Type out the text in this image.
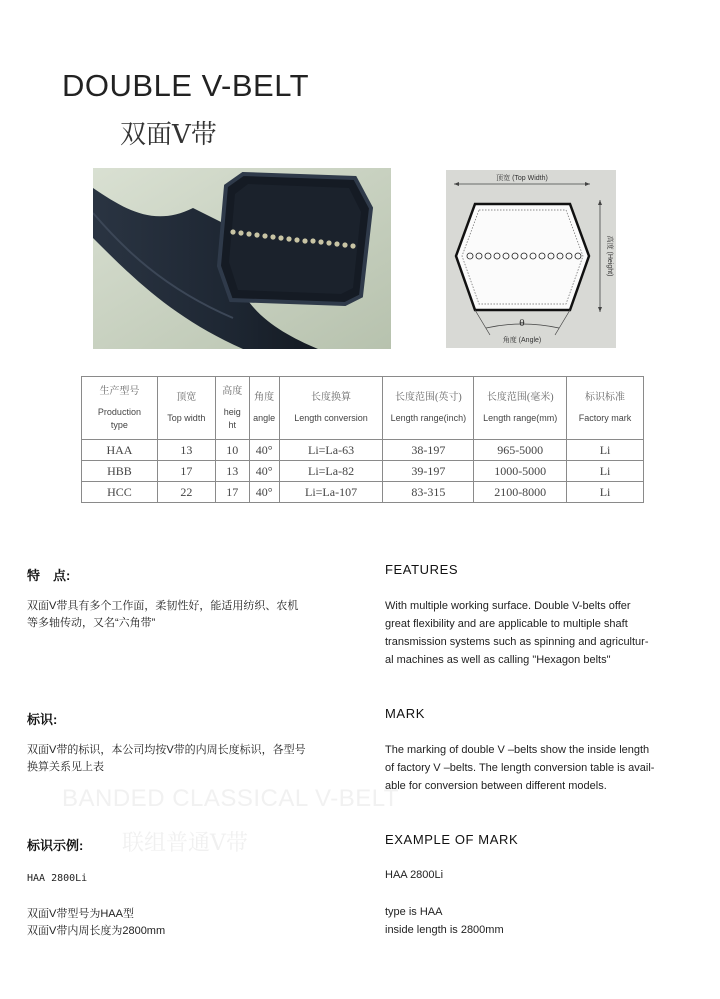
DOUBLE V-BELT
双面V带
顶宽 (Top Width)
高度 (Height)
θ
角度 (Angle)
生产型号
Production
type	顶宽
Top width	高度
heig
ht	角度
angle	长度换算
Length conversion	长度范围(英寸)
Length range(inch)	长度范围(毫米)
Length range(mm)	标识标准
Factory mark

HAA	13	10	40°	Li=La-63	38-197	965-5000	Li
HBB	17	13	40°	Li=La-82	39-197	1000-5000	Li
HCC	22	17	40°	Li=La-107	83-315	2100-8000	Li
BANDED CLASSICAL V-BELT
联组普通V带
特　点:
双面V带具有多个工作面，柔韧性好，能适用纺织、农机
等多轴传动，又名“六角带”
FEATURES
With multiple working surface. Double V-belts offer
great flexibility and are applicable to multiple shaft
transmission systems such as spinning and agricultur-
al machines as well as calling "Hexagon belts"
标识:
双面V带的标识，本公司均按V带的内周长度标识，各型号
换算关系见上表
MARK
The marking of double V –belts show the inside length
of factory V –belts. The length conversion table is avail-
able for conversion between different models.
标识示例:
HAA 2800Li
双面V带型号为HAA型
双面V带内周长度为2800mm
EXAMPLE OF MARK
HAA 2800Li
type is HAA
inside length is 2800mm
